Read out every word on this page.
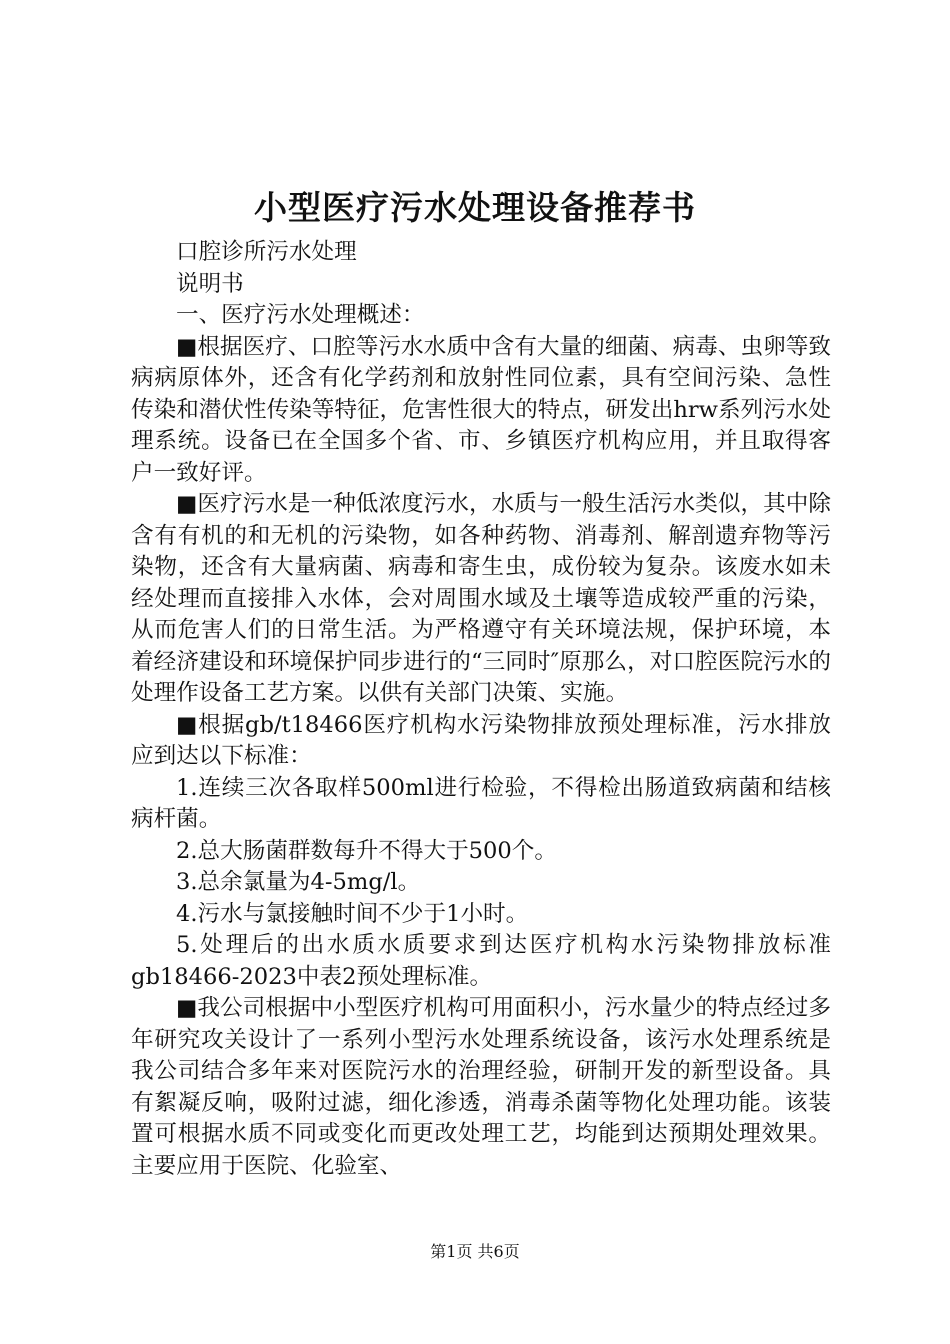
小型医疗污水处理设备推荐书

口腔诊所污水处理

说明书

一、医疗污水处理概述：

■根据医疗、口腔等污水水质中含有大量的细菌、病毒、虫卵等致病病原体外，还含有化学药剂和放射性同位素，具有空间污染、急性传染和潜伏性传染等特征，危害性很大的特点，研发出hrw系列污水处理系统。设备已在全国多个省、市、乡镇医疗机构应用，并且取得客户一致好评。

■医疗污水是一种低浓度污水，水质与一般生活污水类似，其中除含有有机的和无机的污染物，如各种药物、消毒剂、解剖遗弃物等污染物，还含有大量病菌、病毒和寄生虫，成份较为复杂。该废水如未经处理而直接排入水体，会对周围水域及土壤等造成较严重的污染，从而危害人们的日常生活。为严格遵守有关环境法规，保护环境，本着经济建设和环境保护同步进行的“三同时″原那么，对口腔医院污水的处理作设备工艺方案。以供有关部门决策、实施。

■根据gb/t18466医疗机构水污染物排放预处理标准，污水排放应到达以下标准：

1.连续三次各取样500ml进行检验，不得检出肠道致病菌和结核病杆菌。

2.总大肠菌群数每升不得大于500个。

3.总余氯量为4-5mg/l。

4.污水与氯接触时间不少于1小时。

5.处理后的出水质水质要求到达医疗机构水污染物排放标准gb18466-2023中表2预处理标准。

■我公司根据中小型医疗机构可用面积小，污水量少的特点经过多年研究攻关设计了一系列小型污水处理系统设备，该污水处理系统是我公司结合多年来对医院污水的治理经验，研制开发的新型设备。具有絮凝反响，吸附过滤，细化渗透，消毒杀菌等物化处理功能。该装置可根据水质不同或变化而更改处理工艺，均能到达预期处理效果。主要应用于医院、化验室、

第1页 共6页
